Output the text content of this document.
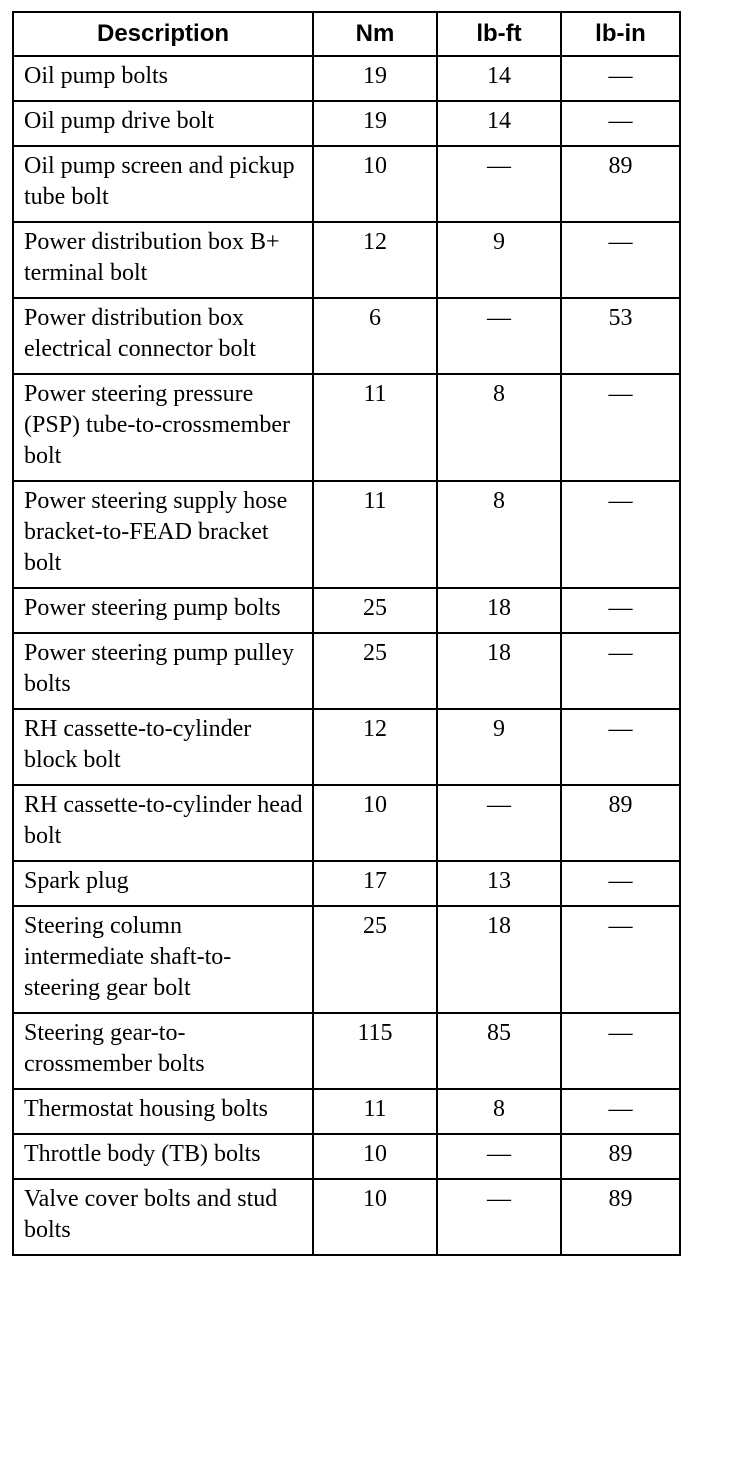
Description	Nm	lb-ft	lb-in
Oil pump bolts	19	14	—
Oil pump drive bolt	19	14	—
Oil pump screen and pickup tube bolt	10	—	89
Power distribution box B+ terminal bolt	12	9	—
Power distribution box electrical connector bolt	6	—	53
Power steering pressure (PSP) tube-to-crossmember bolt	11	8	—
Power steering supply hose bracket-to-FEAD bracket bolt	11	8	—
Power steering pump bolts	25	18	—
Power steering pump pulley bolts	25	18	—
RH cassette-to-cylinder block bolt	12	9	—
RH cassette-to-cylinder head bolt	10	—	89
Spark plug	17	13	—
Steering column intermediate shaft-to-steering gear bolt	25	18	—
Steering gear-to-crossmember bolts	115	85	—
Thermostat housing bolts	11	8	—
Throttle body (TB) bolts	10	—	89
Valve cover bolts and stud bolts	10	—	89
